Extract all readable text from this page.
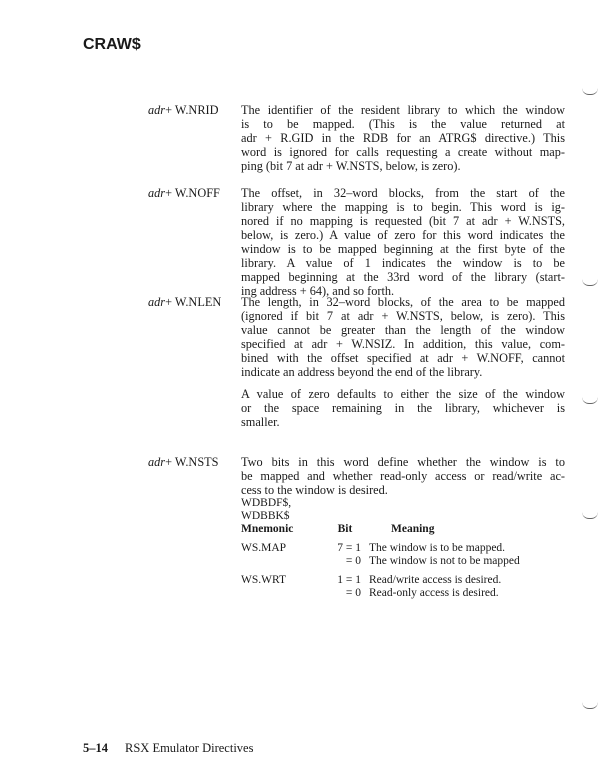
CRAW$
adr+ W.NRID The identifier of the resident library to which the window
is to be mapped. (This is the value returned at
adr + R.GID in the RDB for an ATRG$ directive.) This
word is ignored for calls requesting a create without map-
ping (bit 7 at adr + W.NSTS, below, is zero).
adr+ W.NOFF The offset, in 32–word blocks, from the start of the
library where the mapping is to begin. This word is ig-
nored if no mapping is requested (bit 7 at adr + W.NSTS,
below, is zero.) A value of zero for this word indicates the
window is to be mapped beginning at the first byte of the
library. A value of 1 indicates the window is to be
mapped beginning at the 33rd word of the library (start-
ing address + 64), and so forth.
adr+ W.NLEN The length, in 32–word blocks, of the area to be mapped
(ignored if bit 7 at adr + W.NSTS, below, is zero). This
value cannot be greater than the length of the window
specified at adr + W.NSIZ. In addition, this value, com-
bined with the offset specified at adr + W.NOFF, cannot
indicate an address beyond the end of the library.
A value of zero defaults to either the size of the window
or the space remaining in the library, whichever is
smaller.
adr+ W.NSTS Two bits in this word define whether the window is to
be mapped and whether read-only access or read/write ac-
cess to the window is desired.
WDBDF$,
WDBBK$
Mnemonic	Bit	Meaning
WS.MAP	7 = 1 The window is to be mapped.
= 0 The window is not to be mapped
WS.WRT	1 = 1 Read/write access is desired.
= 0 Read-only access is desired.
5–14 RSX Emulator Directives
